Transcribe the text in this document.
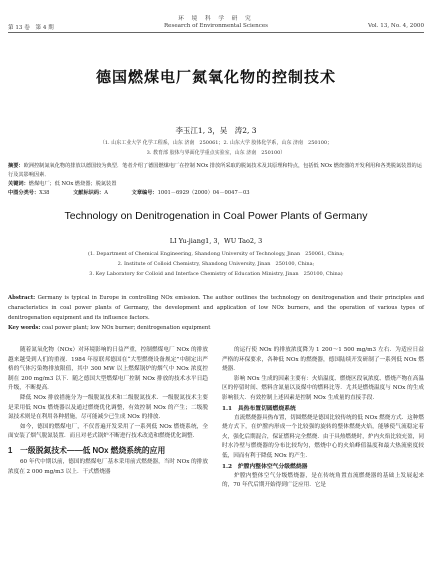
环 境 科 学 研 究
第 13 卷　第 4 期	Research of Environmental Sciences	Vol. 13, No. 4, 2000
德国燃煤电厂氮氧化物的控制技术
李玉江1, 3，吴　涛2, 3
（1. 山东工业大学 化学工程系，山东 济南　250061；2. 山东大学 胶体化学系，山东 济南　250100；
3. 教育部 胶体与界面化学重点实验室，山东 济南　250100）
摘要：欧洲控制氮氧化物的排放以德国较为典型．笔者介绍了德国燃煤电厂在控制 NOx 排放所采取的脱氮技术及其原理和特点，包括低 NOx 燃烧器的开发利用和各类脱氮装置的运行及其影响因素．
关键词：燃煤电厂；低 NOx 燃烧器；脱氮装置
中图分类号：X38	文献标识码：A	文章编号：1001－6929（2000）04－0047－03
Technology on Denitrogenation in Coal Power Plants of Germany
LI Yu-jiang1, 3，WU Tao2, 3
(1. Department of Chemical Engineering, Shandong University of Technology, Jinan　250061, China;
2. Institute of Colloid Chemistry, Shandong University, Jinan　250100, China;
3. Key Laboratory for Colloid and Interface Chemistry of Education Ministry, Jinan　250100, China)
Abstract: Germany is typical in Europe in controlling NOx emission. The author outlines the technology on denitrogenation and their principles and characteristics in coal power plants of Germany, the development and application of low NOx burners, and the operation of various types of denitrogenation equipment and its influence factors.
Key words: coal power plant; low NOx burner; denitrogenation equipment

随着氮氧化物（NOx）对环境影响的日益严重，控制燃煤电厂 NOx 的排放越来越受到人们的重视．1984 年原联邦德国在“大型燃烧设备规定”中制定出严格的气体污染物排放限值，其中 300 MW 以上燃煤锅炉的烟气中 NOx 浓度控制在 200 mg/m3 以下．随之德国大型燃煤电厂控制 NOx 排放的技术水平日趋升级，不断提高．

降低 NOx 排放措施分为一级脱氮技术和二级脱氮技术．一级脱氮技术主要是采用低 NOx 燃烧器以及通过燃烧优化调整，有效控制 NOx 的产生；二级脱氮技术则是在利用各种措施，尽可能减少已生成 NOx 的排放．

如今，德国的燃煤电厂，不仅普遍开发采用了一系列低 NOx 燃烧系统，全面安装了烟气脱氮装置．而且对老式锅炉不断进行技术改造和燃烧优化调整．

1　一级脱氮技术——低 NOx 燃烧系统的应用

60 年代中期以前，德国的燃煤电厂基本采用前式燃烧器，当时 NOx 的排放浓度在 2 000 mg/m3 以上．干式燃烧器

的运行使 NOx 的排放浓度降为 1 200～1 500 mg/m3 左右．为适应日益严格的环保要求，各种低 NOx 的燃烧器，德国陆续开发研制了一系列低 NOx 燃烧器．

影响 NOx 生成的因素主要有：火焰温度、燃烧区段氧浓度、燃烧产物在高温区的停留时间、燃料含氮量以及煤中的燃料比等．尤其是燃烧温度与 NOx 的生成影响很大．有效控制上述因素是控制 NOx 生成量的直接手段．

1.1　具热布置切圆燃烧系统

直流燃烧器具热布置，切圆燃烧是德国比较传统的低 NOx 燃烧方式．这种燃烧方式下，在炉膛内形成一个比较强的旋转的整体燃烧火焰，能够使气流稳定着火，强化后期混合，保证燃料完全燃烧．由于具热燃烧时，炉内火焰比较充盈，同时水冷壁与燃烧器的分布比较均匀，燃烧中心的火焰峰值温度和最大热流密度较低，因而有利于降低 NOx 的产生．

1.2　炉膛内整体空气分级燃烧器

炉膛内整体空气分级燃烧器，是在传统角置直流燃烧器的基础上发展起来的，70 年代后期开始得到广泛应用．它是
